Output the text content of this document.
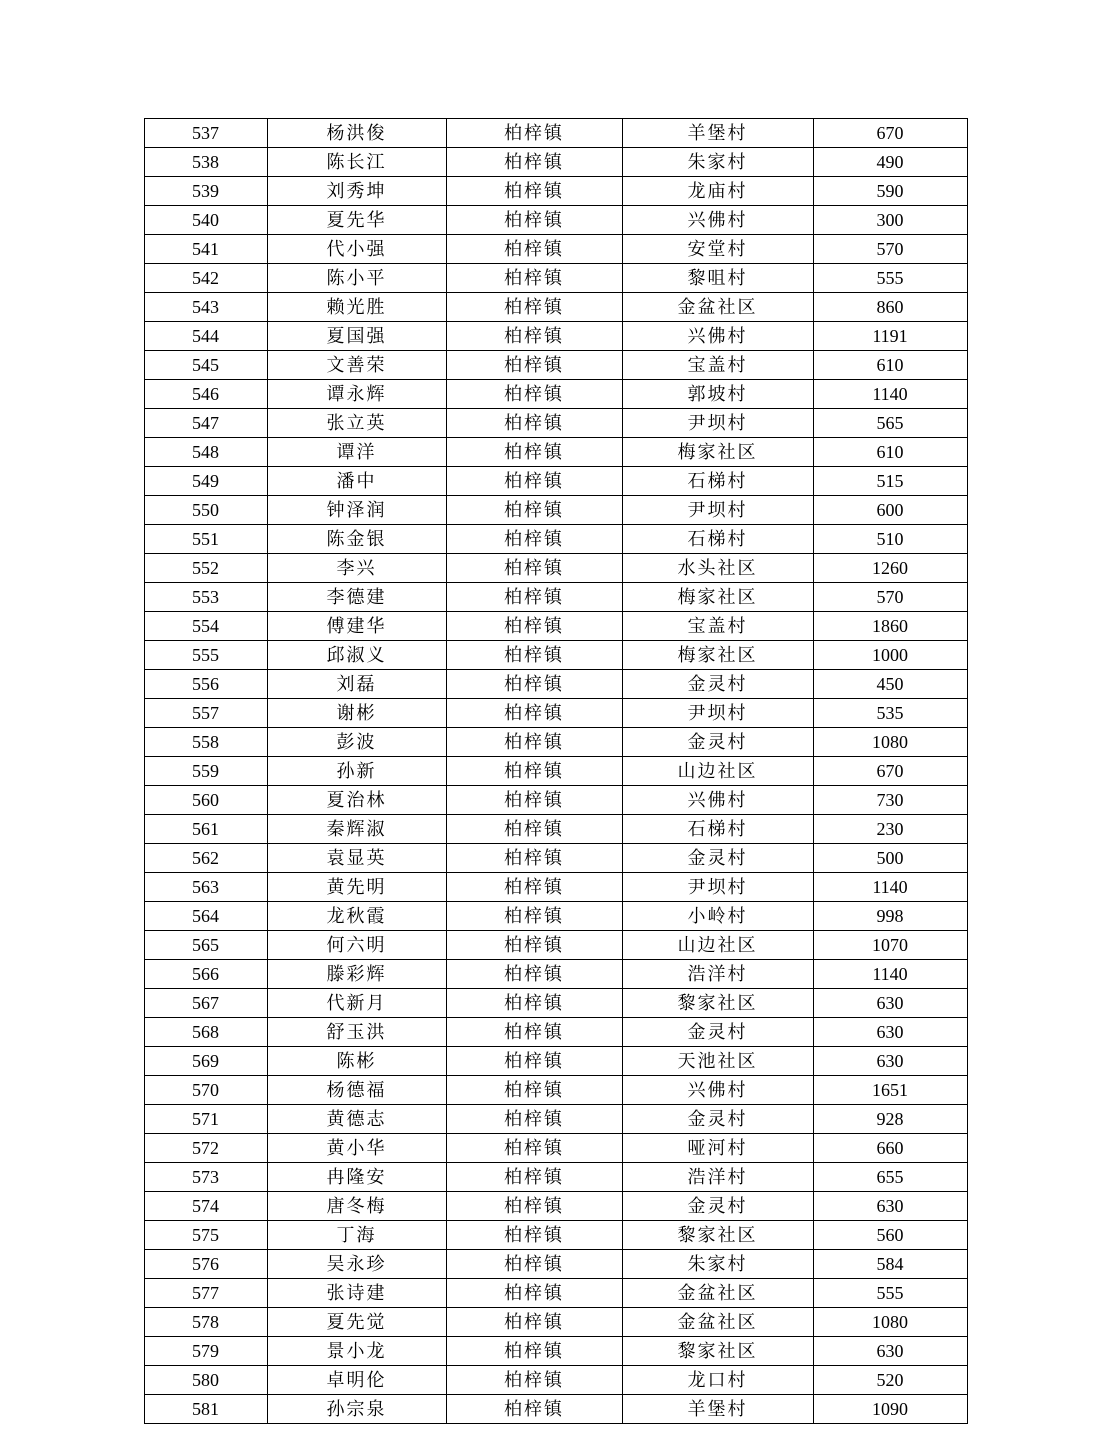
537	杨洪俊	柏梓镇	羊堡村	670
538	陈长江	柏梓镇	朱家村	490
539	刘秀坤	柏梓镇	龙庙村	590
540	夏先华	柏梓镇	兴佛村	300
541	代小强	柏梓镇	安堂村	570
542	陈小平	柏梓镇	黎咀村	555
543	赖光胜	柏梓镇	金盆社区	860
544	夏国强	柏梓镇	兴佛村	1191
545	文善荣	柏梓镇	宝盖村	610
546	谭永辉	柏梓镇	郭坡村	1140
547	张立英	柏梓镇	尹坝村	565
548	谭洋	柏梓镇	梅家社区	610
549	潘中	柏梓镇	石梯村	515
550	钟泽润	柏梓镇	尹坝村	600
551	陈金银	柏梓镇	石梯村	510
552	李兴	柏梓镇	水头社区	1260
553	李德建	柏梓镇	梅家社区	570
554	傅建华	柏梓镇	宝盖村	1860
555	邱淑义	柏梓镇	梅家社区	1000
556	刘磊	柏梓镇	金灵村	450
557	谢彬	柏梓镇	尹坝村	535
558	彭波	柏梓镇	金灵村	1080
559	孙新	柏梓镇	山边社区	670
560	夏治林	柏梓镇	兴佛村	730
561	秦辉淑	柏梓镇	石梯村	230
562	袁显英	柏梓镇	金灵村	500
563	黄先明	柏梓镇	尹坝村	1140
564	龙秋霞	柏梓镇	小岭村	998
565	何六明	柏梓镇	山边社区	1070
566	滕彩辉	柏梓镇	浩洋村	1140
567	代新月	柏梓镇	黎家社区	630
568	舒玉洪	柏梓镇	金灵村	630
569	陈彬	柏梓镇	天池社区	630
570	杨德福	柏梓镇	兴佛村	1651
571	黄德志	柏梓镇	金灵村	928
572	黄小华	柏梓镇	哑河村	660
573	冉隆安	柏梓镇	浩洋村	655
574	唐冬梅	柏梓镇	金灵村	630
575	丁海	柏梓镇	黎家社区	560
576	吴永珍	柏梓镇	朱家村	584
577	张诗建	柏梓镇	金盆社区	555
578	夏先觉	柏梓镇	金盆社区	1080
579	景小龙	柏梓镇	黎家社区	630
580	卓明伦	柏梓镇	龙口村	520
581	孙宗泉	柏梓镇	羊堡村	1090
